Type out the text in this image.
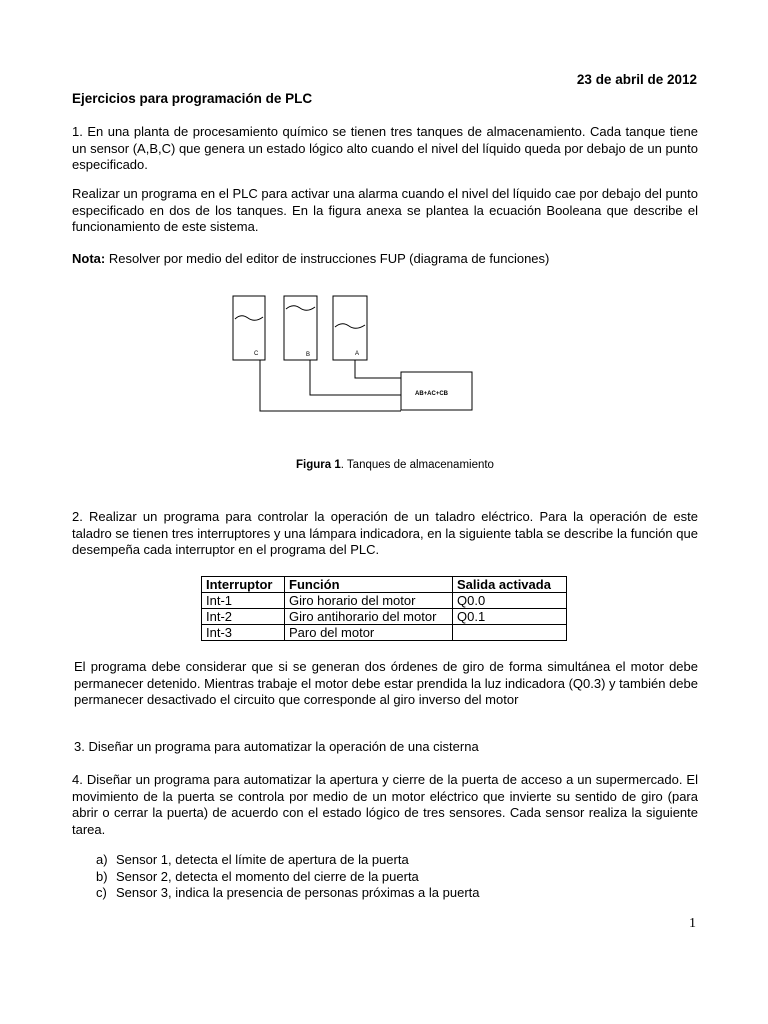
23 de abril de 2012
Ejercicios para programación de PLC
1. En una planta de procesamiento químico se tienen tres tanques de almacenamiento. Cada tanque tiene un sensor (A,B,C) que genera un estado lógico alto cuando el nivel del líquido queda por debajo de un punto especificado.
Realizar un programa en el PLC para activar una alarma cuando el nivel del líquido cae por debajo del punto especificado en dos de los tanques. En la figura anexa se plantea la ecuación Booleana que describe el funcionamiento de este sistema.
Nota: Resolver por medio del editor de instrucciones FUP (diagrama de funciones)
C	B	A
AB+AC+CB
Figura 1. Tanques de almacenamiento
2. Realizar un programa para controlar la operación de un taladro eléctrico. Para la operación de este taladro se tienen tres interruptores y una lámpara indicadora, en la siguiente tabla se describe la función que desempeña cada interruptor en el programa del PLC.
Interruptor	Función	Salida activada
Int-1	Giro horario del motor	Q0.0
Int-2	Giro antihorario del motor	Q0.1
Int-3	Paro del motor	
El programa debe considerar que si se generan dos órdenes de giro de forma simultánea el motor debe permanecer detenido. Mientras trabaje el motor debe estar prendida la luz indicadora (Q0.3) y también debe permanecer desactivado el circuito que corresponde al giro inverso del motor
3. Diseñar un programa para automatizar la operación de una cisterna
4. Diseñar un programa para automatizar la apertura y cierre de la puerta de acceso a un supermercado. El movimiento de la puerta se controla por medio de un motor eléctrico que invierte su sentido de giro (para abrir o cerrar la puerta) de acuerdo con el estado lógico de tres sensores. Cada sensor realiza la siguiente tarea.
a) Sensor 1, detecta el límite de apertura de la puerta
b) Sensor 2, detecta el momento del cierre de la puerta
c) Sensor 3, indica la presencia de personas próximas a la puerta
1
